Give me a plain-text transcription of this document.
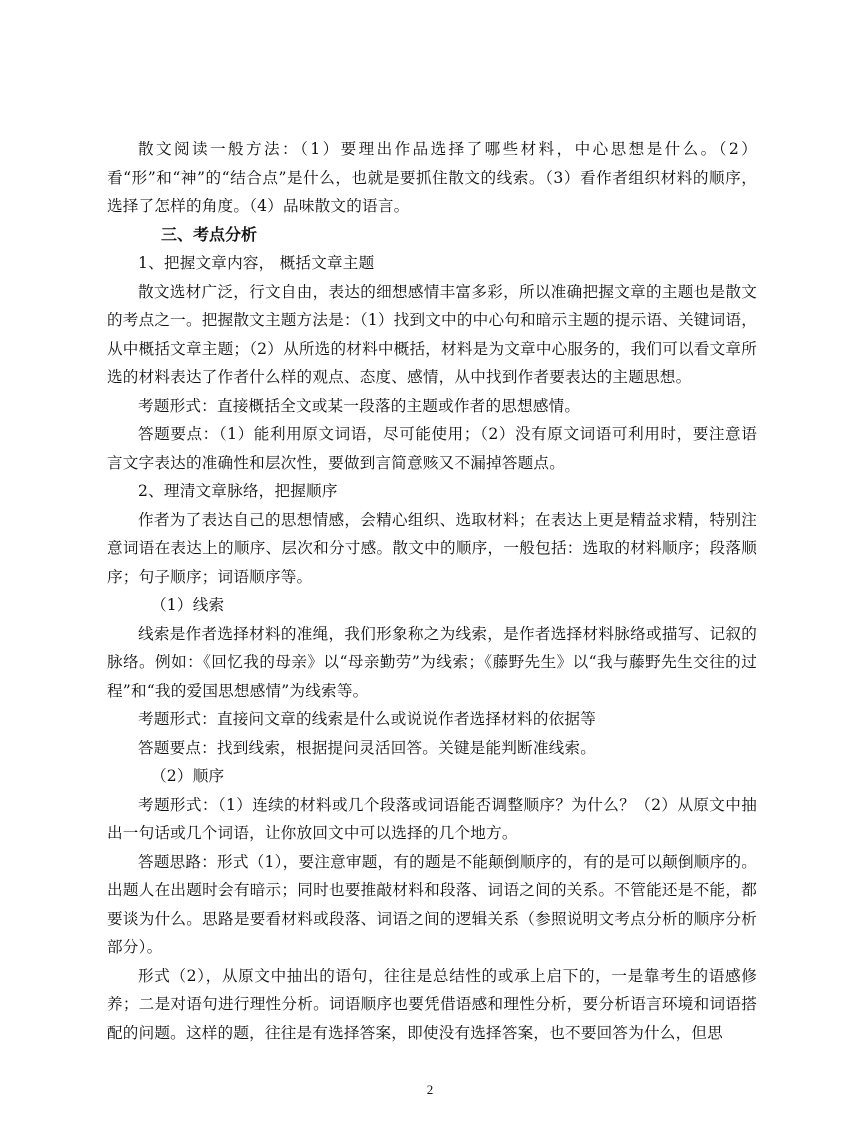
散文阅读一般方法：（1）要理出作品选择了哪些材料，中心思想是什么。（2）看“形”和“神”的“结合点”是什么，也就是要抓住散文的线索。（3）看作者组织材料的顺序，选择了怎样的角度。（4）品味散文的语言。

三、考点分析

1、把握文章内容， 概括文章主题

散文选材广泛，行文自由，表达的细想感情丰富多彩，所以准确把握文章的主题也是散文的考点之一。把握散文主题方法是：（1）找到文中的中心句和暗示主题的提示语、关键词语，从中概括文章主题；（2）从所选的材料中概括，材料是为文章中心服务的，我们可以看文章所选的材料表达了作者什么样的观点、态度、感情，从中找到作者要表达的主题思想。

考题形式：直接概括全文或某一段落的主题或作者的思想感情。

答题要点：（1）能利用原文词语，尽可能使用；（2）没有原文词语可利用时，要注意语言文字表达的准确性和层次性，要做到言简意赅又不漏掉答题点。

2、理清文章脉络，把握顺序

作者为了表达自己的思想情感，会精心组织、选取材料；在表达上更是精益求精，特别注意词语在表达上的顺序、层次和分寸感。散文中的顺序，一般包括：选取的材料顺序；段落顺序；句子顺序；词语顺序等。

（1）线索

线索是作者选择材料的准绳，我们形象称之为线索，是作者选择材料脉络或描写、记叙的脉络。例如：《回忆我的母亲》以“母亲勤劳”为线索；《藤野先生》以“我与藤野先生交往的过程”和“我的爱国思想感情”为线索等。

考题形式：直接问文章的线索是什么或说说作者选择材料的依据等

答题要点：找到线索，根据提问灵活回答。关键是能判断准线索。

（2）顺序

考题形式：（1）连续的材料或几个段落或词语能否调整顺序？为什么？（2）从原文中抽出一句话或几个词语，让你放回文中可以选择的几个地方。

答题思路：形式（1），要注意审题，有的题是不能颠倒顺序的，有的是可以颠倒顺序的。出题人在出题时会有暗示；同时也要推敲材料和段落、词语之间的关系。不管能还是不能，都要谈为什么。思路是要看材料或段落、词语之间的逻辑关系（参照说明文考点分析的顺序分析部分）。

形式（2），从原文中抽出的语句，往往是总结性的或承上启下的，一是靠考生的语感修养；二是对语句进行理性分析。词语顺序也要凭借语感和理性分析，要分析语言环境和词语搭配的问题。这样的题，往往是有选择答案，即使没有选择答案，也不要回答为什么，但思

2
